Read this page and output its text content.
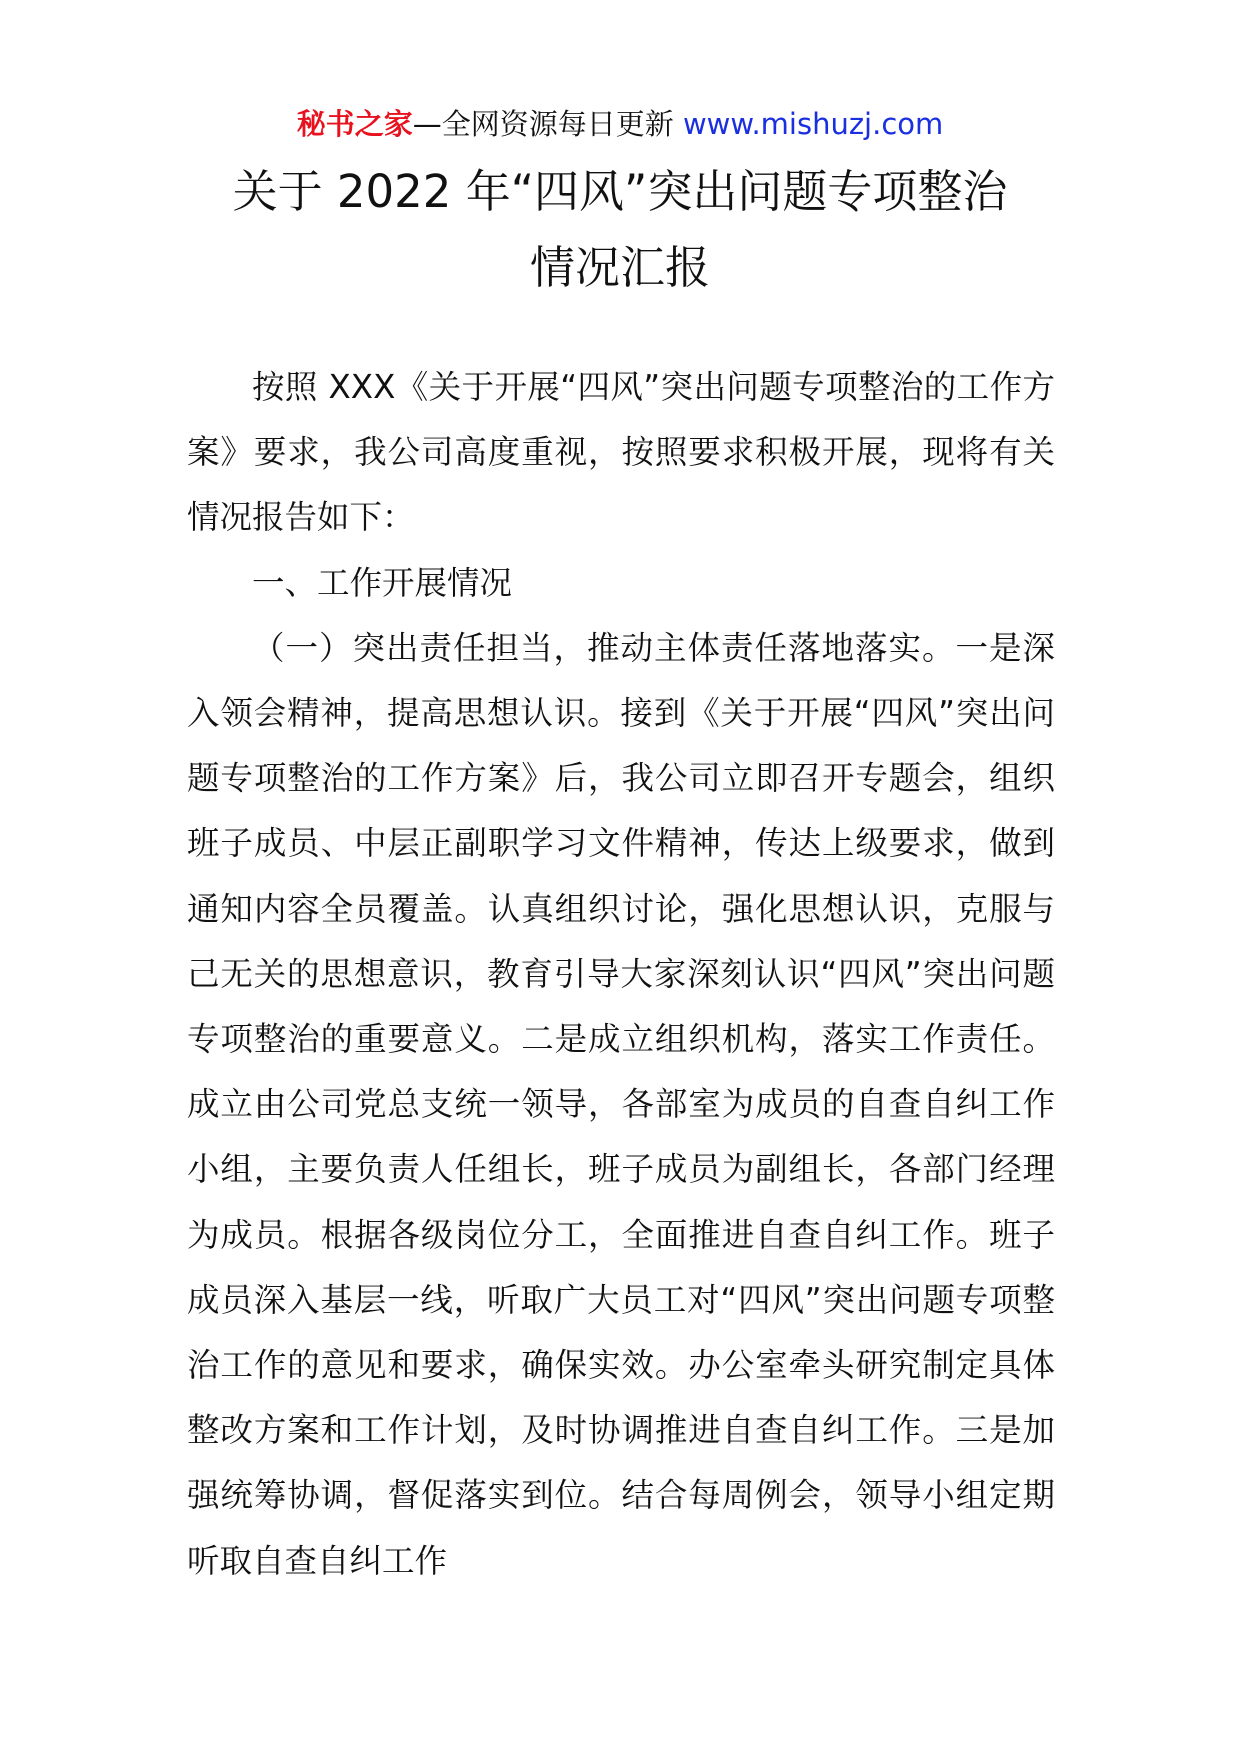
秘书之家—全网资源每日更新 www.mishuzj.com
关于 2022 年“四风”突出问题专项整治
情况汇报

按照 XXX《关于开展“四风”突出问题专项整治的工作方案》要求，我公司高度重视，按照要求积极开展，现将有关情况报告如下：

一、工作开展情况

（一）突出责任担当，推动主体责任落地落实。一是深入领会精神，提高思想认识。接到《关于开展“四风”突出问题专项整治的工作方案》后，我公司立即召开专题会，组织班子成员、中层正副职学习文件精神，传达上级要求，做到通知内容全员覆盖。认真组织讨论，强化思想认识，克服与己无关的思想意识，教育引导大家深刻认识“四风”突出问题专项整治的重要意义。二是成立组织机构，落实工作责任。成立由公司党总支统一领导，各部室为成员的自查自纠工作小组，主要负责人任组长，班子成员为副组长，各部门经理为成员。根据各级岗位分工，全面推进自查自纠工作。班子成员深入基层一线，听取广大员工对“四风”突出问题专项整治工作的意见和要求，确保实效。办公室牵头研究制定具体整改方案和工作计划，及时协调推进自查自纠工作。三是加强统筹协调，督促落实到位。结合每周例会，领导小组定期听取自查自纠工作
